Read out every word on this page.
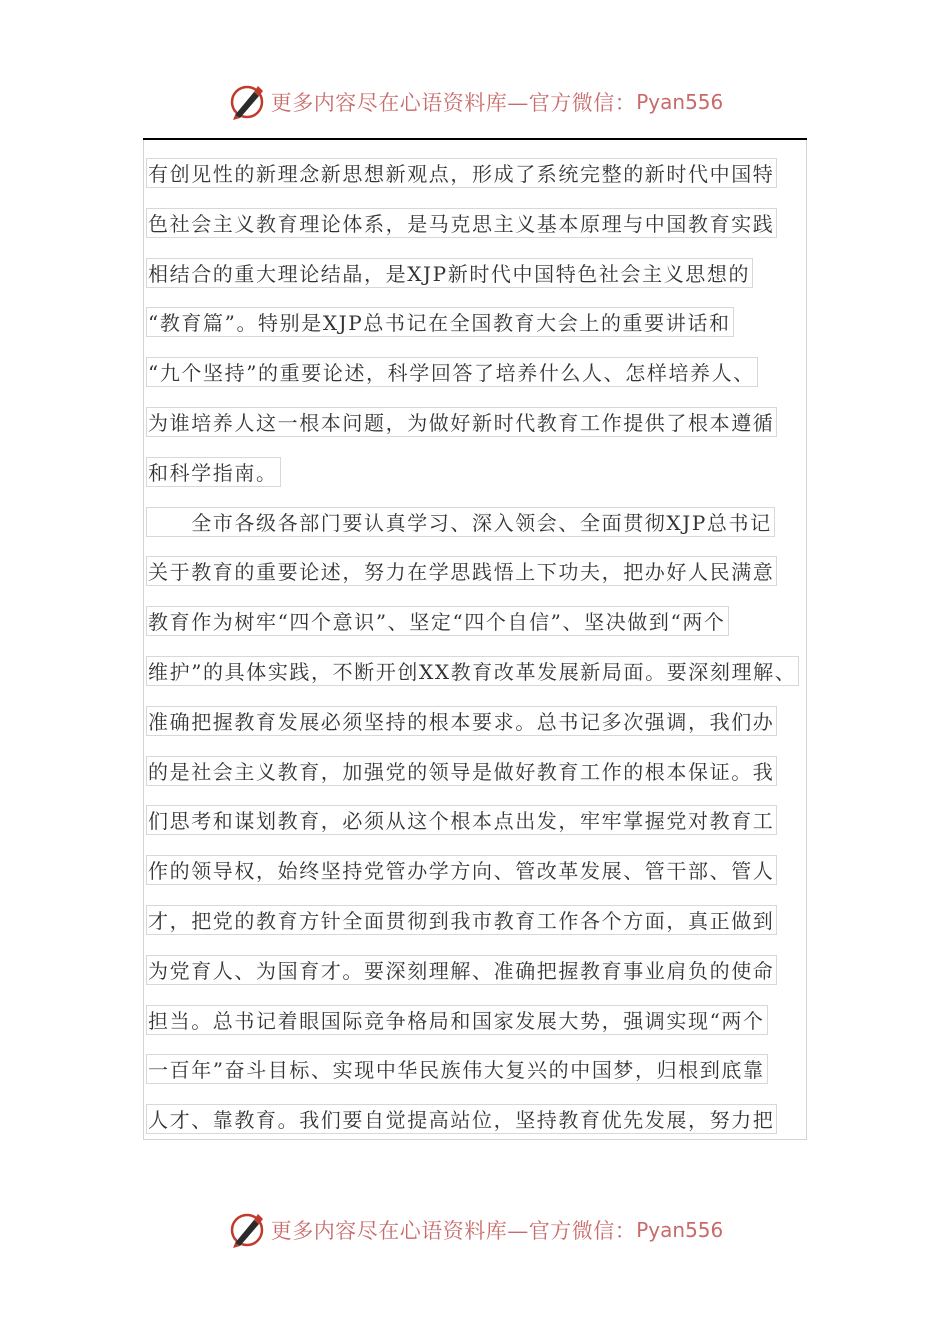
更多内容尽在心语资料库—官方微信： Pyan556
有创见性的新理念新思想新观点，形成了系统完整的新时代中国特
色社会主义教育理论体系，是马克思主义基本原理与中国教育实践
相结合的重大理论结晶，是XJP新时代中国特色社会主义思想的
“教育篇”。特别是XJP总书记在全国教育大会上的重要讲话和
“九个坚持”的重要论述，科学回答了培养什么人、怎样培养人、
为谁培养人这一根本问题，为做好新时代教育工作提供了根本遵循
和科学指南。
　　全市各级各部门要认真学习、深入领会、全面贯彻XJP总书记
关于教育的重要论述，努力在学思践悟上下功夫，把办好人民满意
教育作为树牢“四个意识”、坚定“四个自信”、坚决做到“两个
维护”的具体实践，不断开创XX教育改革发展新局面。要深刻理解、
准确把握教育发展必须坚持的根本要求。总书记多次强调，我们办
的是社会主义教育，加强党的领导是做好教育工作的根本保证。我
们思考和谋划教育，必须从这个根本点出发，牢牢掌握党对教育工
作的领导权，始终坚持党管办学方向、管改革发展、管干部、管人
才，把党的教育方针全面贯彻到我市教育工作各个方面，真正做到
为党育人、为国育才。要深刻理解、准确把握教育事业肩负的使命
担当。总书记着眼国际竞争格局和国家发展大势，强调实现“两个
一百年”奋斗目标、实现中华民族伟大复兴的中国梦，归根到底靠
人才、靠教育。我们要自觉提高站位，坚持教育优先发展，努力把
更多内容尽在心语资料库—官方微信： Pyan556
